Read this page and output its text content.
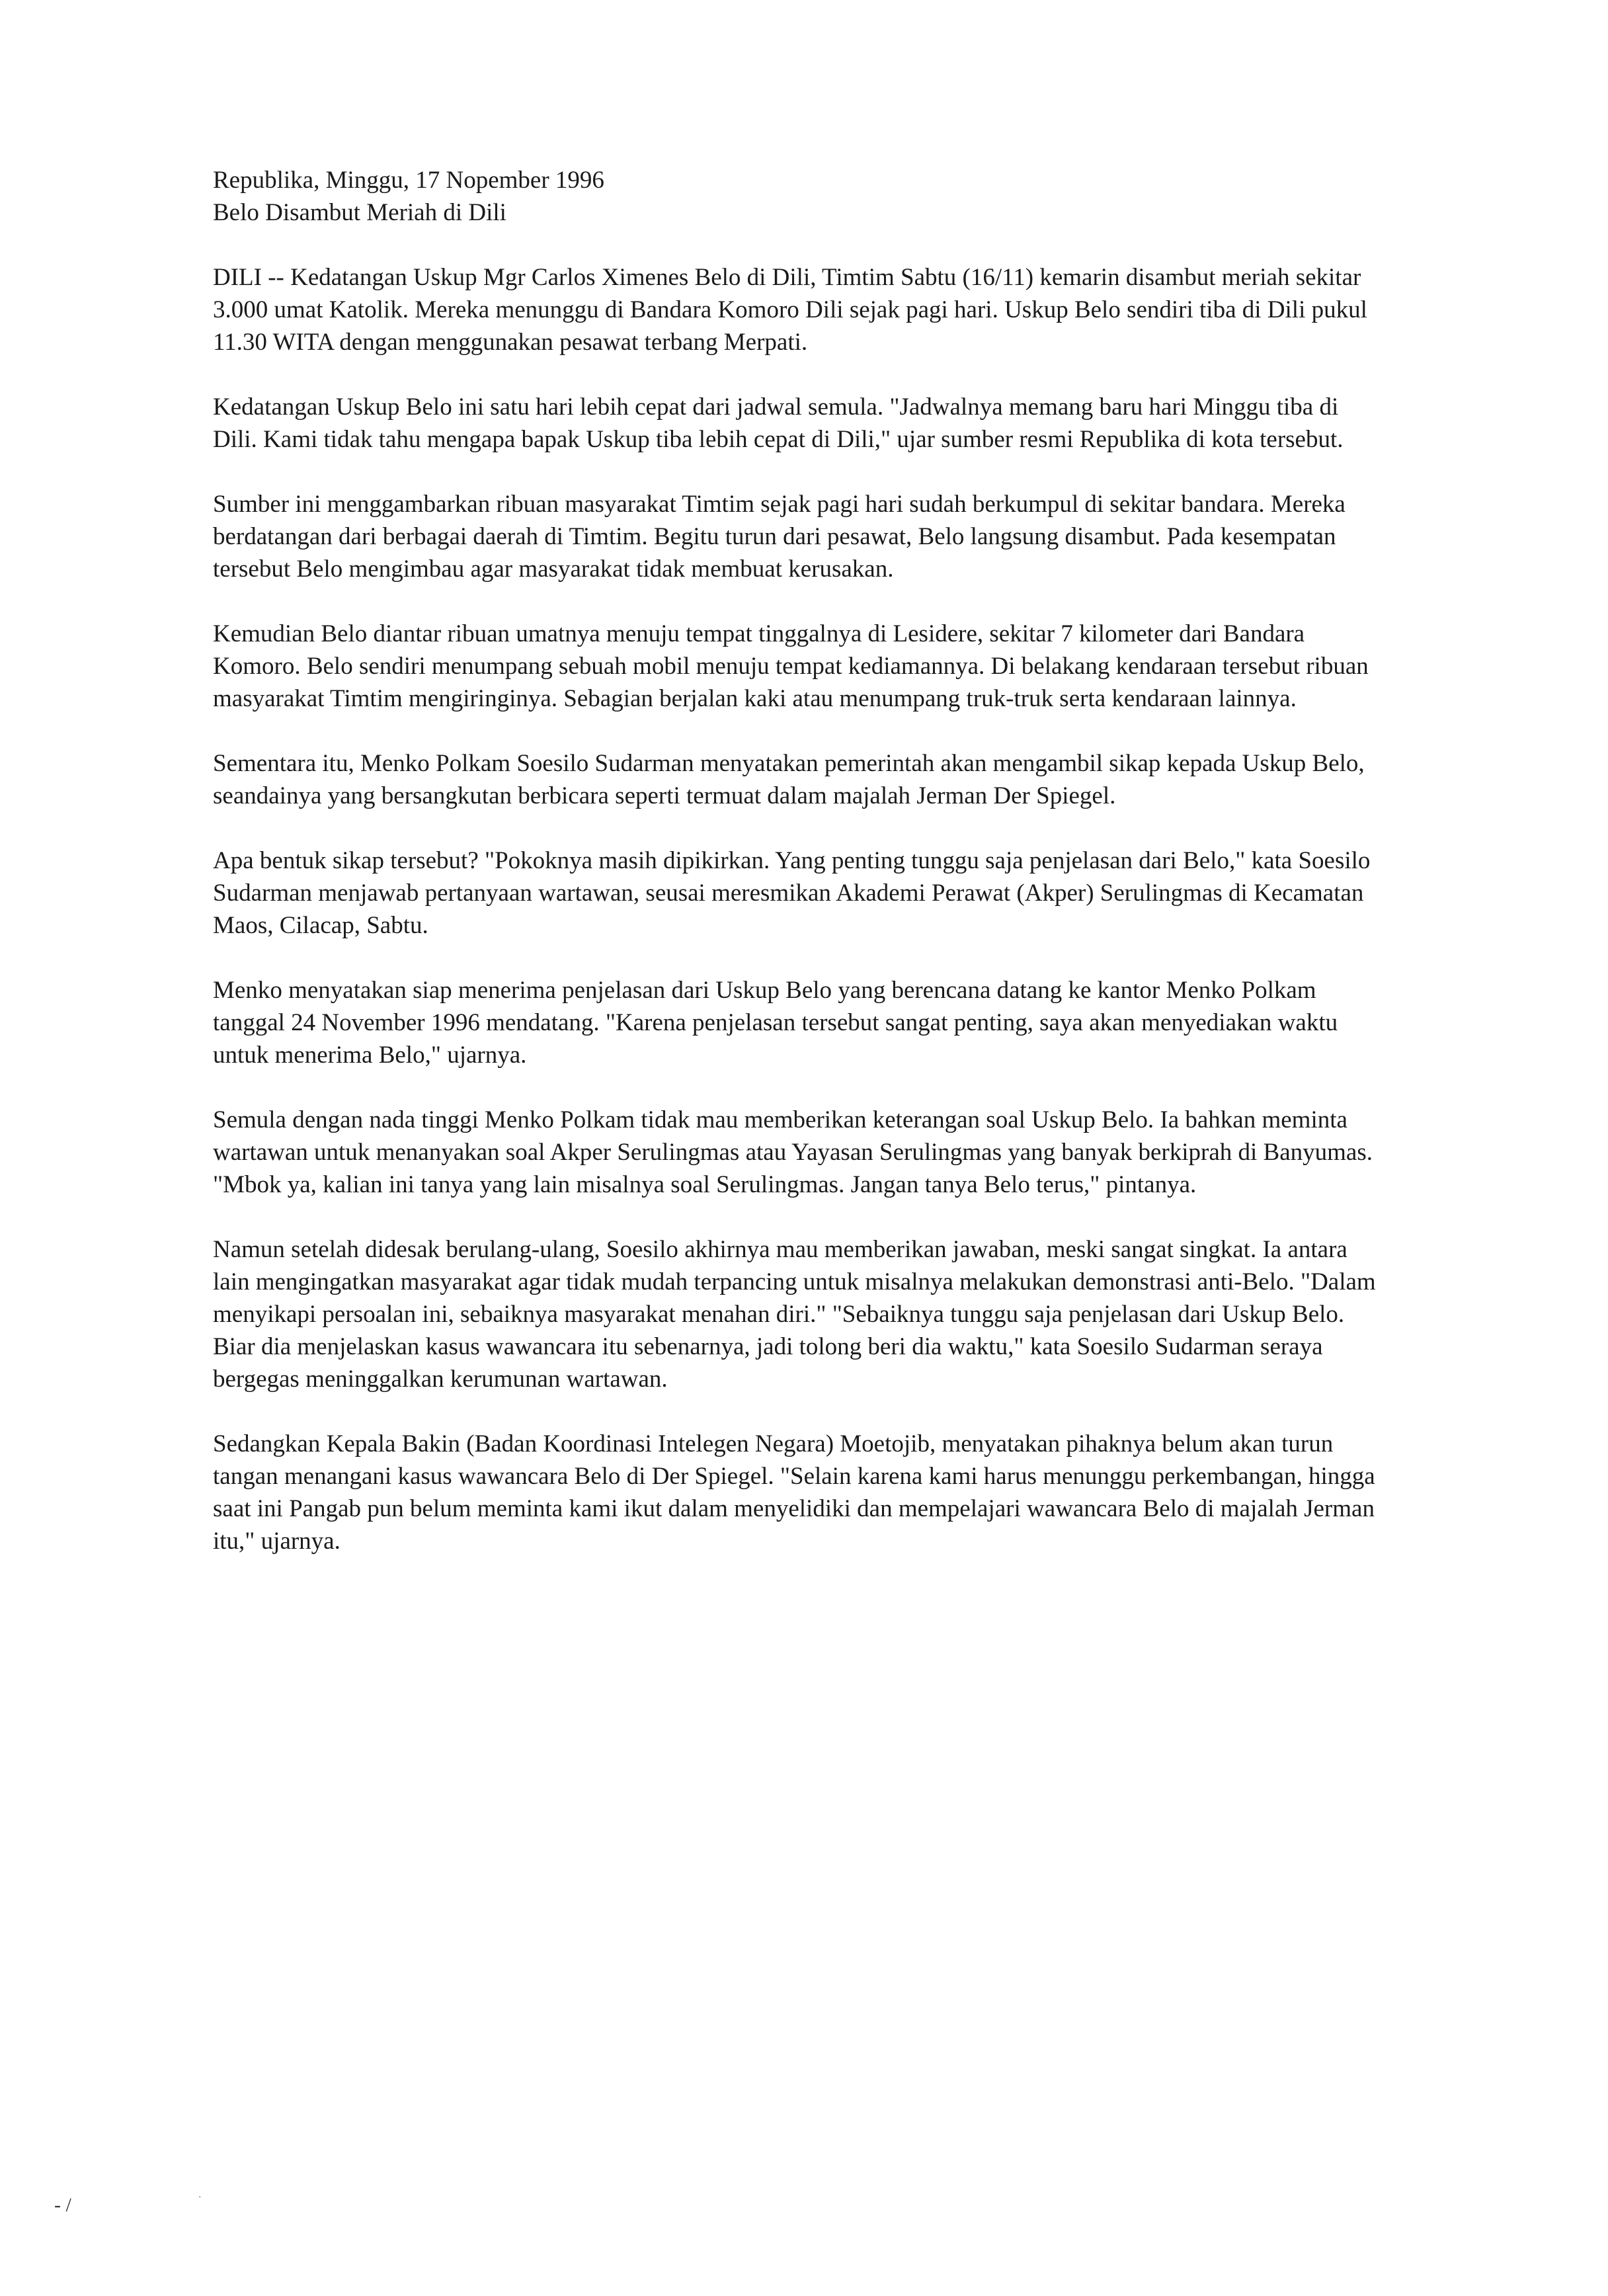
Republika, Minggu, 17 Nopember 1996

Belo Disambut Meriah di Dili

DILI -- Kedatangan Uskup Mgr Carlos Ximenes Belo di Dili, Timtim Sabtu (16/11) kemarin disambut meriah sekitar 3.000 umat Katolik. Mereka menunggu di Bandara Komoro Dili sejak pagi hari. Uskup Belo sendiri tiba di Dili pukul 11.30 WITA dengan menggunakan pesawat terbang Merpati.

Kedatangan Uskup Belo ini satu hari lebih cepat dari jadwal semula. "Jadwalnya memang baru hari Minggu tiba di Dili. Kami tidak tahu mengapa bapak Uskup tiba lebih cepat di Dili," ujar sumber resmi Republika di kota tersebut.

Sumber ini menggambarkan ribuan masyarakat Timtim sejak pagi hari sudah berkumpul di sekitar bandara. Mereka berdatangan dari berbagai daerah di Timtim. Begitu turun dari pesawat, Belo langsung disambut. Pada kesempatan tersebut Belo mengimbau agar masyarakat tidak membuat kerusakan.

Kemudian Belo diantar ribuan umatnya menuju tempat tinggalnya di Lesidere, sekitar 7 kilometer dari Bandara Komoro. Belo sendiri menumpang sebuah mobil menuju tempat kediamannya. Di belakang kendaraan tersebut ribuan masyarakat Timtim mengiringinya. Sebagian berjalan kaki atau menumpang truk-truk serta kendaraan lainnya.

Sementara itu, Menko Polkam Soesilo Sudarman menyatakan pemerintah akan mengambil sikap kepada Uskup Belo, seandainya yang bersangkutan berbicara seperti termuat dalam majalah Jerman Der Spiegel.

Apa bentuk sikap tersebut? "Pokoknya masih dipikirkan. Yang penting tunggu saja penjelasan dari Belo," kata Soesilo Sudarman menjawab pertanyaan wartawan, seusai meresmikan Akademi Perawat (Akper) Serulingmas di Kecamatan Maos, Cilacap, Sabtu.

Menko menyatakan siap menerima penjelasan dari Uskup Belo yang berencana datang ke kantor Menko Polkam tanggal 24 November 1996 mendatang. "Karena penjelasan tersebut sangat penting, saya akan menyediakan waktu untuk menerima Belo," ujarnya.

Semula dengan nada tinggi Menko Polkam tidak mau memberikan keterangan soal Uskup Belo. Ia bahkan meminta wartawan untuk menanyakan soal Akper Serulingmas atau Yayasan Serulingmas yang banyak berkiprah di Banyumas. "Mbok ya, kalian ini tanya yang lain misalnya soal Serulingmas. Jangan tanya Belo terus," pintanya.

Namun setelah didesak berulang-ulang, Soesilo akhirnya mau memberikan jawaban, meski sangat singkat. Ia antara lain mengingatkan masyarakat agar tidak mudah terpancing untuk misalnya melakukan demonstrasi anti-Belo. "Dalam menyikapi persoalan ini, sebaiknya masyarakat menahan diri." "Sebaiknya tunggu saja penjelasan dari Uskup Belo. Biar dia menjelaskan kasus wawancara itu sebenarnya, jadi tolong beri dia waktu," kata Soesilo Sudarman seraya bergegas meninggalkan kerumunan wartawan.

Sedangkan Kepala Bakin (Badan Koordinasi Intelegen Negara) Moetojib, menyatakan pihaknya belum akan turun tangan menangani kasus wawancara Belo di Der Spiegel. "Selain karena kami harus menunggu perkembangan, hingga saat ini Pangab pun belum meminta kami ikut dalam menyelidiki dan mempelajari wawancara Belo di majalah Jerman itu," ujarnya.

- /
.
